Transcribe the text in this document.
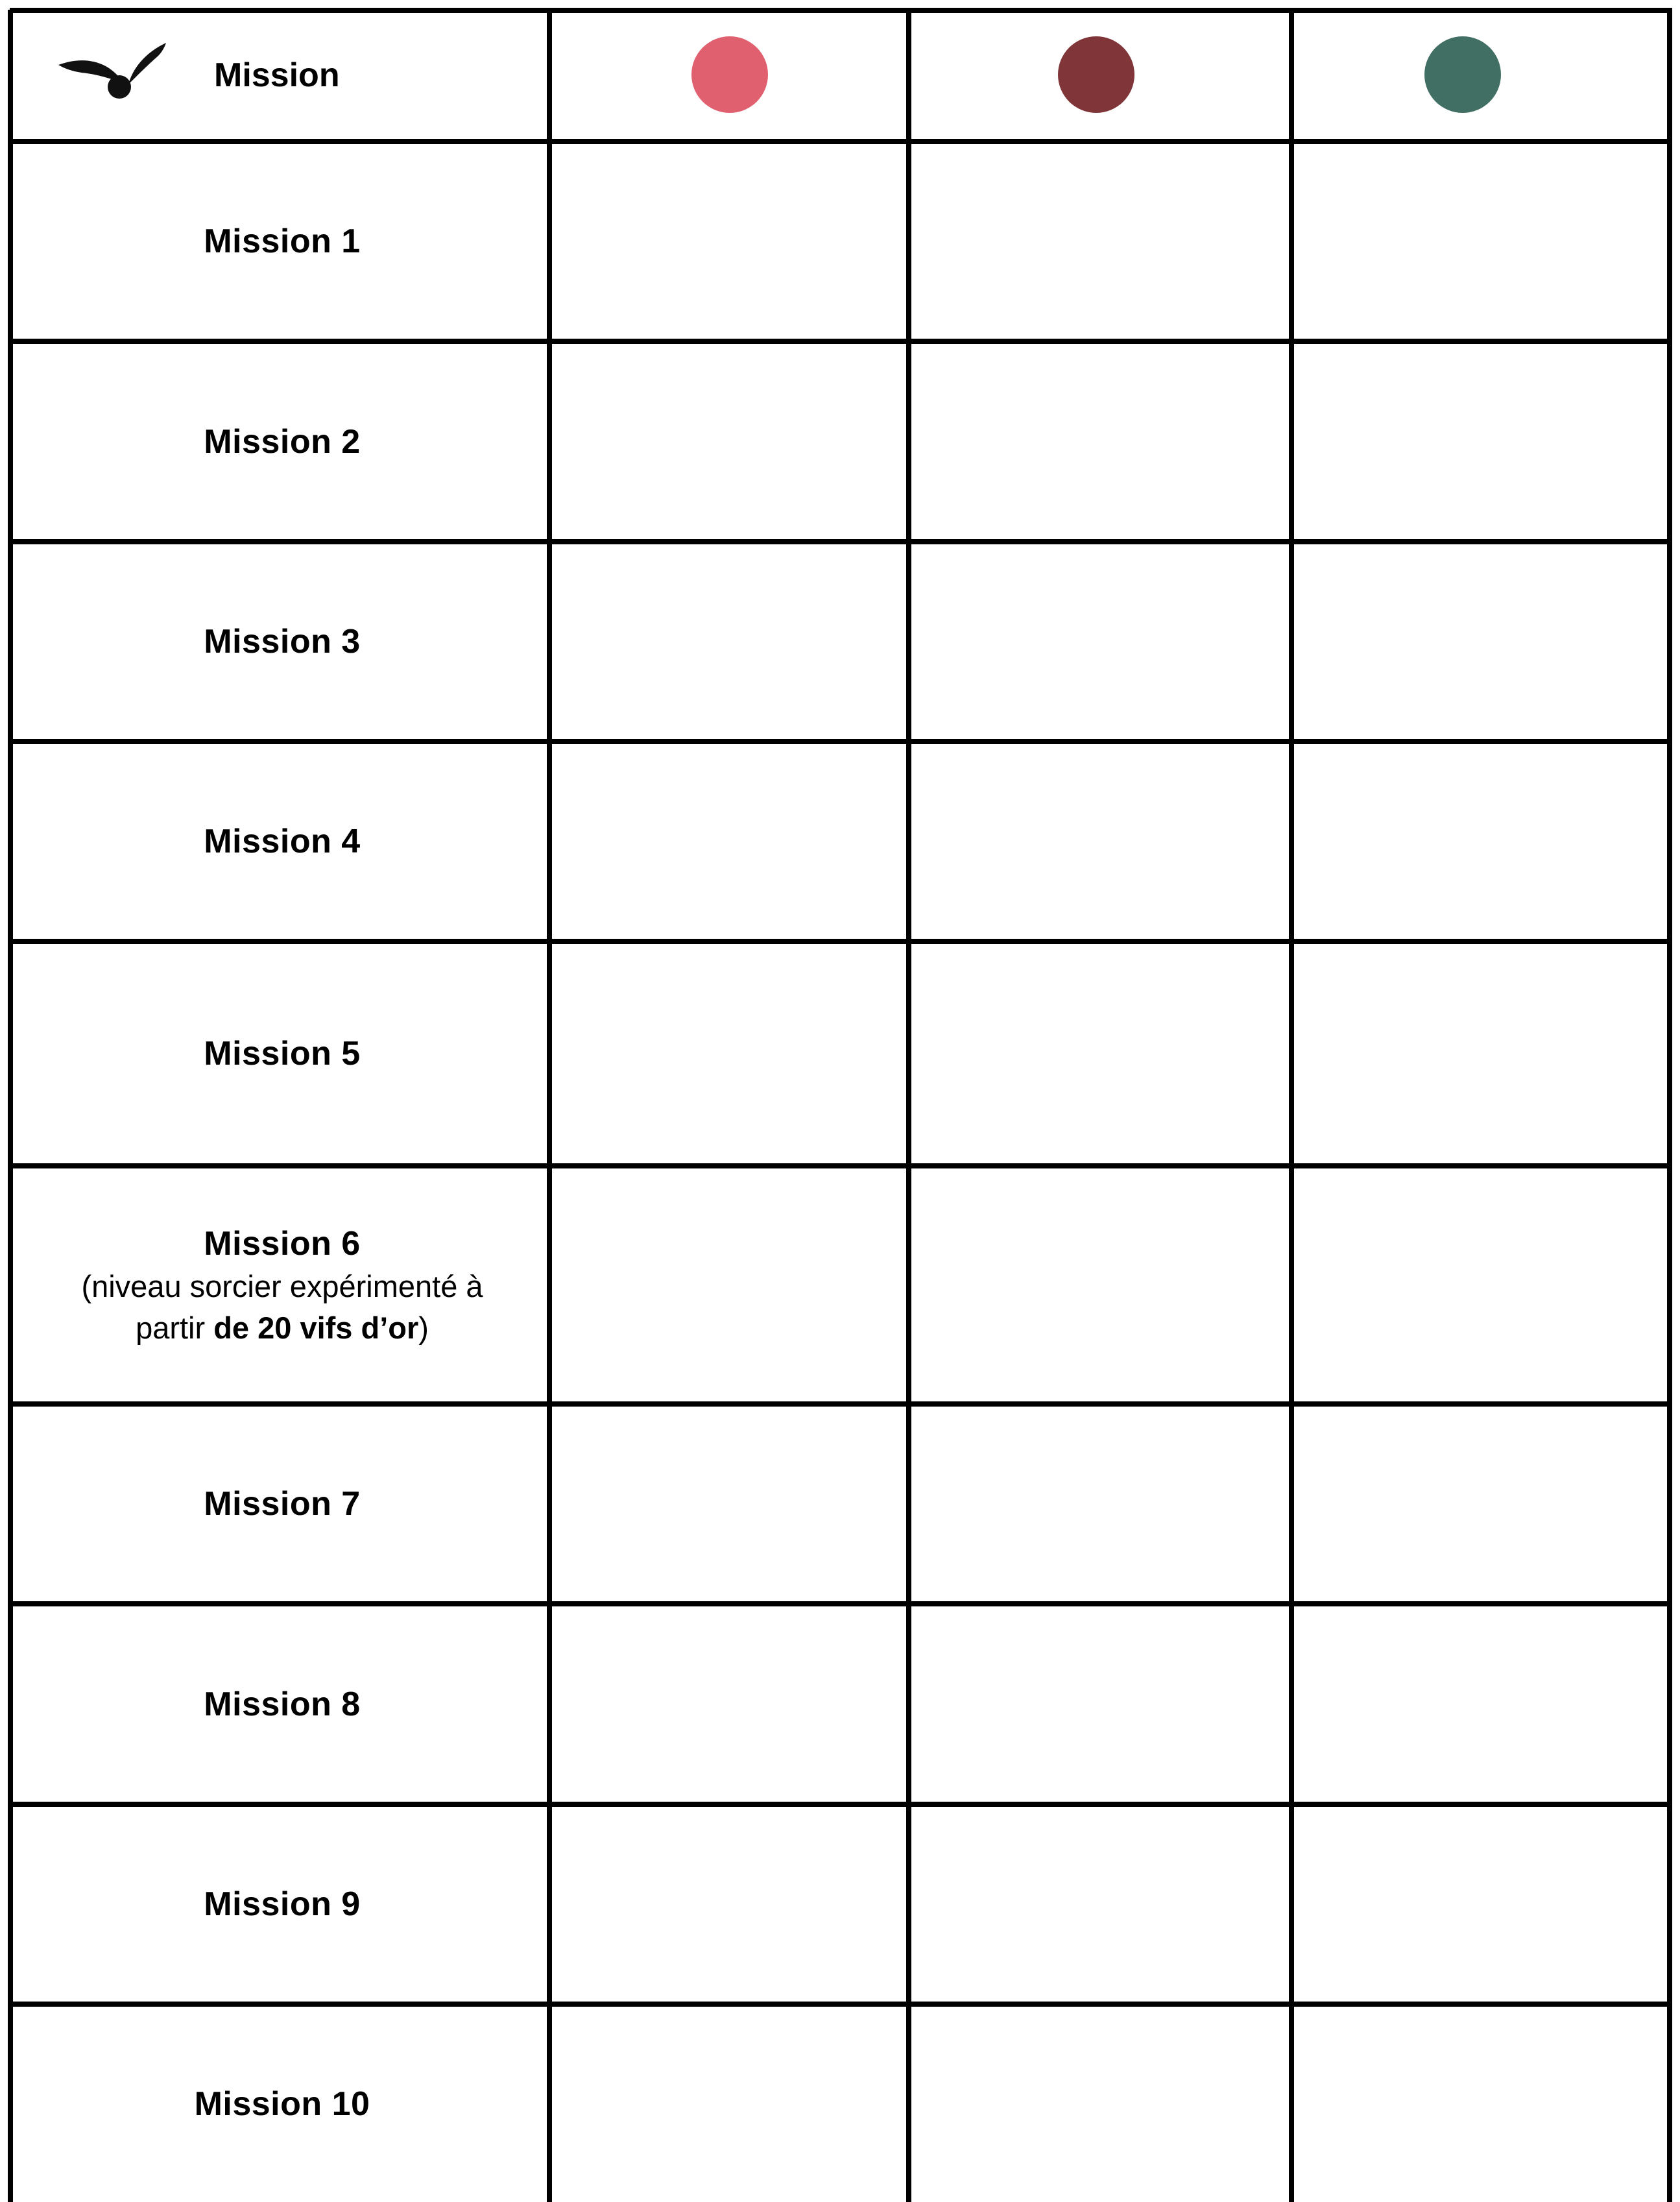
Mission
Mission 1
Mission 2
Mission 3
Mission 4
Mission 5
Mission 6
(niveau sorcier expérimenté à
partir de 20 vifs d’or)
Mission 7
Mission 8
Mission 9
Mission 10
